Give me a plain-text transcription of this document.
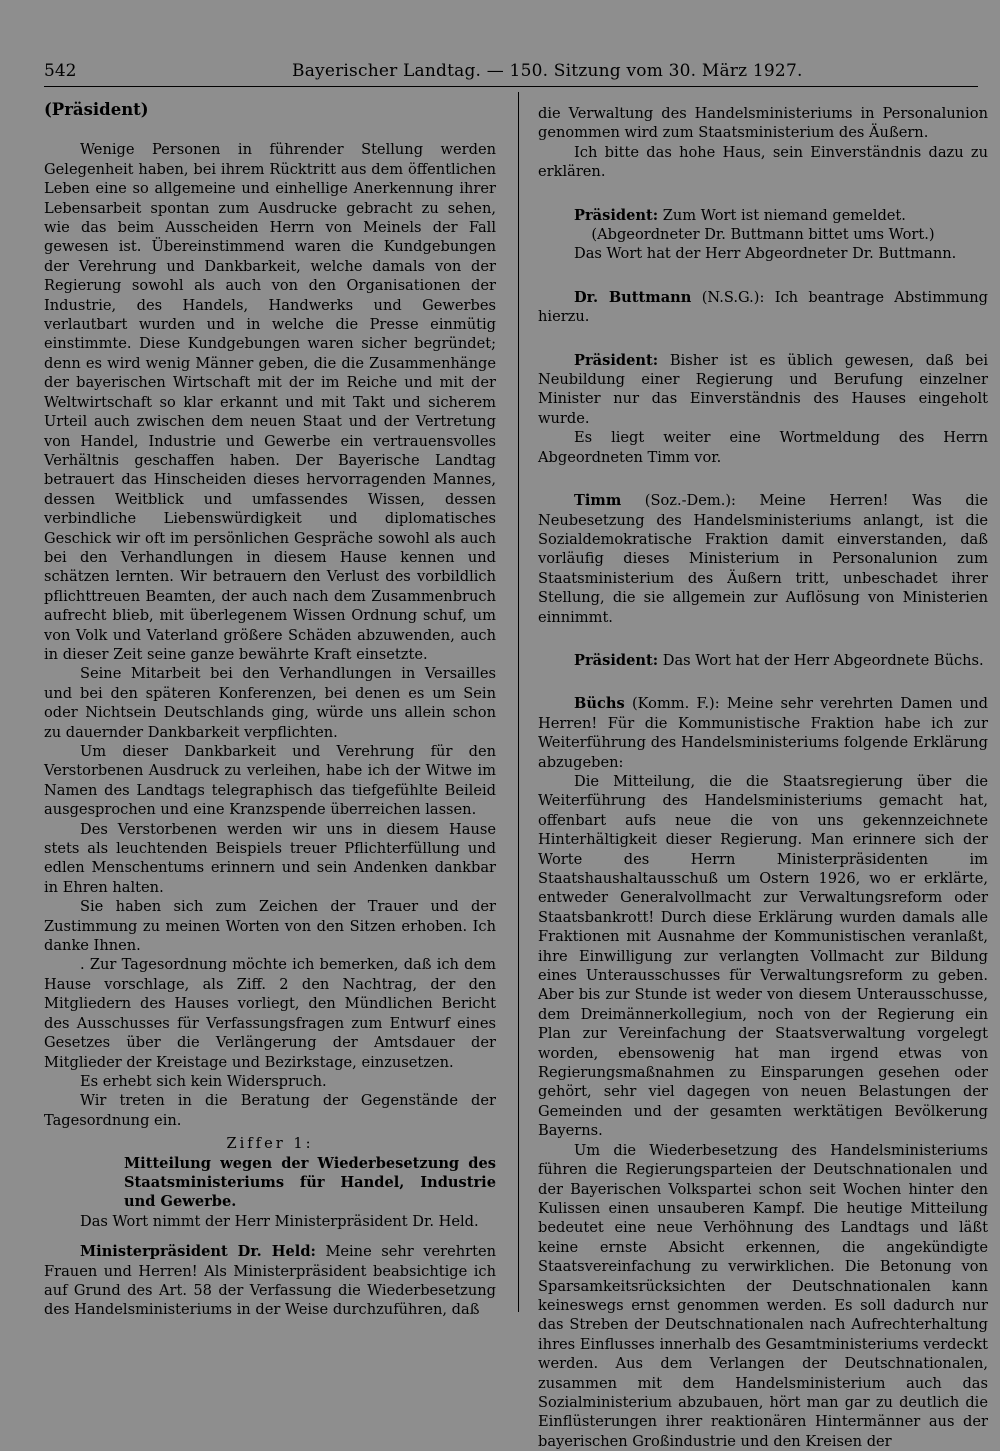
542	Bayerischer Landtag. — 150. Sitzung vom 30. März 1927.
(Präsident)

Wenige Personen in führender Stellung werden Gelegenheit haben, bei ihrem Rücktritt aus dem öffentlichen Leben eine so allgemeine und einhellige Anerkennung ihrer Lebensarbeit spontan zum Ausdrucke gebracht zu sehen, wie das beim Ausscheiden Herrn von Meinels der Fall gewesen ist. Übereinstimmend waren die Kundgebungen der Verehrung und Dankbarkeit, welche damals von der Regierung sowohl als auch von den Organisationen der Industrie, des Handels, Handwerks und Gewerbes verlautbart wurden und in welche die Presse einmütig einstimmte. Diese Kundgebungen waren sicher begründet; denn es wird wenig Männer geben, die die Zusammenhänge der bayerischen Wirtschaft mit der im Reiche und mit der Weltwirtschaft so klar erkannt und mit Takt und sicherem Urteil auch zwischen dem neuen Staat und der Vertretung von Handel, Industrie und Gewerbe ein vertrauensvolles Verhältnis geschaffen haben. Der Bayerische Landtag betrauert das Hinscheiden dieses hervorragenden Mannes, dessen Weitblick und umfassendes Wissen, dessen verbindliche Liebenswürdigkeit und diplomatisches Geschick wir oft im persönlichen Gespräche sowohl als auch bei den Verhandlungen in diesem Hause kennen und schätzen lernten. Wir betrauern den Verlust des vorbildlich pflichttreuen Beamten, der auch nach dem Zusammenbruch aufrecht blieb, mit überlegenem Wissen Ordnung schuf, um von Volk und Vaterland größere Schäden abzuwenden, auch in dieser Zeit seine ganze bewährte Kraft einsetzte.

Seine Mitarbeit bei den Verhandlungen in Versailles und bei den späteren Konferenzen, bei denen es um Sein oder Nichtsein Deutschlands ging, würde uns allein schon zu dauernder Dankbarkeit verpflichten.

Um dieser Dankbarkeit und Verehrung für den Verstorbenen Ausdruck zu verleihen, habe ich der Witwe im Namen des Landtags telegraphisch das tiefgefühlte Beileid ausgesprochen und eine Kranzspende überreichen lassen.

Des Verstorbenen werden wir uns in diesem Hause stets als leuchtenden Beispiels treuer Pflichterfüllung und edlen Menschentums erinnern und sein Andenken dankbar in Ehren halten.

Sie haben sich zum Zeichen der Trauer und der Zustimmung zu meinen Worten von den Sitzen erhoben. Ich danke Ihnen.

. Zur Tagesordnung möchte ich bemerken, daß ich dem Hause vorschlage, als Ziff. 2 den Nachtrag, der den Mitgliedern des Hauses vorliegt, den Mündlichen Bericht des Ausschusses für Verfassungsfragen zum Entwurf eines Gesetzes über die Verlängerung der Amtsdauer der Mitglieder der Kreistage und Bezirkstage, einzusetzen.

Es erhebt sich kein Widerspruch.

Wir treten in die Beratung der Gegenstände der Tagesordnung ein.

Ziffer 1:

Mitteilung wegen der Wiederbesetzung des Staatsministeriums für Handel, Industrie und Gewerbe.

Das Wort nimmt der Herr Ministerpräsident Dr. Held.

Ministerpräsident Dr. Held: Meine sehr verehrten Frauen und Herren! Als Ministerpräsident beabsichtige ich auf Grund des Art. 58 der Verfassung die Wiederbesetzung des Handelsministeriums in der Weise durchzuführen, daß

die Verwaltung des Handelsministeriums in Personalunion genommen wird zum Staatsministerium des Äußern.

Ich bitte das hohe Haus, sein Einverständnis dazu zu erklären.

Präsident: Zum Wort ist niemand gemeldet.

(Abgeordneter Dr. Buttmann bittet ums Wort.)

Das Wort hat der Herr Abgeordneter Dr. Buttmann.

Dr. Buttmann (N.S.G.): Ich beantrage Abstimmung hierzu.

Präsident: Bisher ist es üblich gewesen, daß bei Neubildung einer Regierung und Berufung einzelner Minister nur das Einverständnis des Hauses eingeholt wurde.

Es liegt weiter eine Wortmeldung des Herrn Abgeordneten Timm vor.

Timm (Soz.-Dem.): Meine Herren! Was die Neubesetzung des Handelsministeriums anlangt, ist die Sozialdemokratische Fraktion damit einverstanden, daß vorläufig dieses Ministerium in Personalunion zum Staatsministerium des Äußern tritt, unbeschadet ihrer Stellung, die sie allgemein zur Auflösung von Ministerien einnimmt.

Präsident: Das Wort hat der Herr Abgeordnete Büchs.

Büchs (Komm. F.): Meine sehr verehrten Damen und Herren! Für die Kommunistische Fraktion habe ich zur Weiterführung des Handelsministeriums folgende Erklärung abzugeben:

Die Mitteilung, die die Staatsregierung über die Weiterführung des Handelsministeriums gemacht hat, offenbart aufs neue die von uns gekennzeichnete Hinterhältigkeit dieser Regierung. Man erinnere sich der Worte des Herrn Ministerpräsidenten im Staatshaushaltausschuß um Ostern 1926, wo er erklärte, entweder Generalvollmacht zur Verwaltungsreform oder Staatsbankrott! Durch diese Erklärung wurden damals alle Fraktionen mit Ausnahme der Kommunistischen veranlaßt, ihre Einwilligung zur verlangten Vollmacht zur Bildung eines Unterausschusses für Verwaltungsreform zu geben. Aber bis zur Stunde ist weder von diesem Unterausschusse, dem Dreimännerkollegium, noch von der Regierung ein Plan zur Vereinfachung der Staatsverwaltung vorgelegt worden, ebensowenig hat man irgend etwas von Regierungsmaßnahmen zu Einsparungen gesehen oder gehört, sehr viel dagegen von neuen Belastungen der Gemeinden und der gesamten werktätigen Bevölkerung Bayerns.

Um die Wiederbesetzung des Handelsministeriums führen die Regierungsparteien der Deutschnationalen und der Bayerischen Volkspartei schon seit Wochen hinter den Kulissen einen unsauberen Kampf. Die heutige Mitteilung bedeutet eine neue Verhöhnung des Landtags und läßt keine ernste Absicht erkennen, die angekündigte Staatsvereinfachung zu verwirklichen. Die Betonung von Sparsamkeitsrücksichten der Deutschnationalen kann keineswegs ernst genommen werden. Es soll dadurch nur das Streben der Deutschnationalen nach Aufrechterhaltung ihres Einflusses innerhalb des Gesamtministeriums verdeckt werden. Aus dem Verlangen der Deutschnationalen, zusammen mit dem Handelsministerium auch das Sozialministerium abzubauen, hört man gar zu deutlich die Einflüsterungen ihrer reaktionären Hintermänner aus der bayerischen Großindustrie und den Kreisen der
